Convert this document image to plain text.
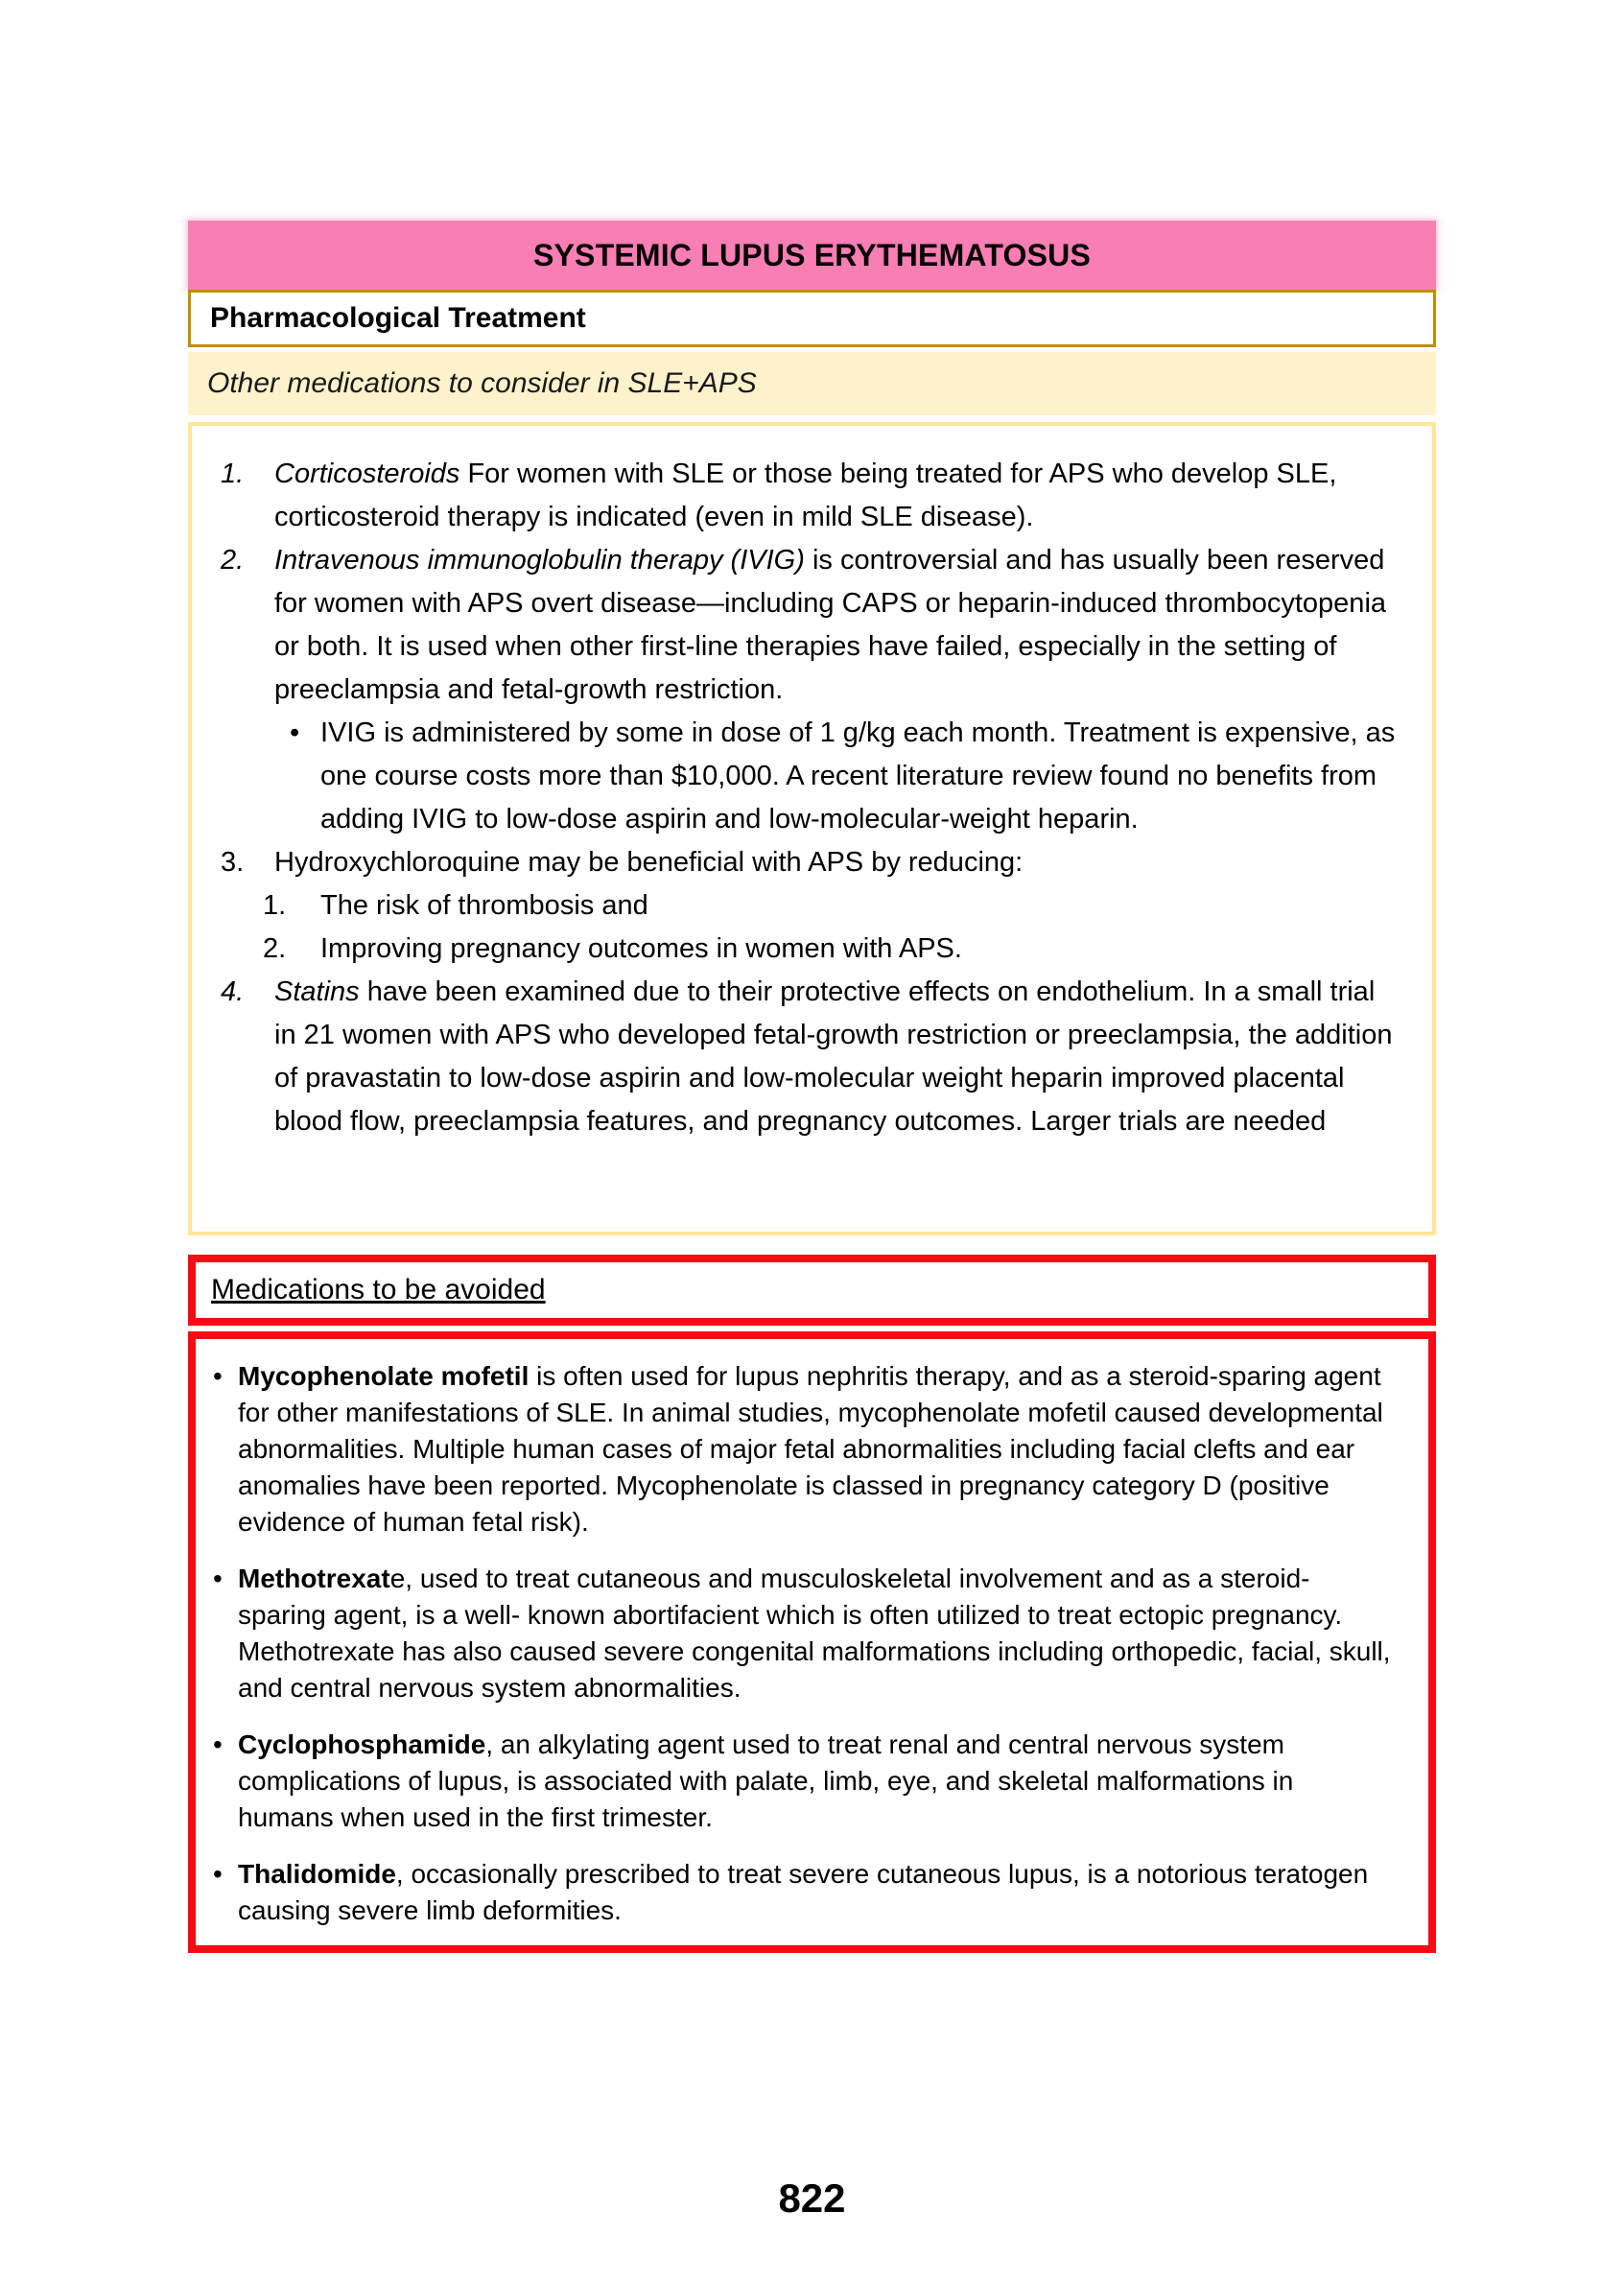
SYSTEMIC LUPUS ERYTHEMATOSUS
Pharmacological Treatment
Other medications to consider in SLE+APS
1.	Corticosteroids For women with SLE or those being treated for APS who develop SLE, corticosteroid therapy is indicated (even in mild SLE disease).
2.	Intravenous immunoglobulin therapy (IVIG) is controversial and has usually been reserved for women with APS overt disease—including CAPS or heparin-induced thrombocytopenia or both. It is used when other first-line therapies have failed, especially in the setting of preeclampsia and fetal-growth restriction.
• IVIG is administered by some in dose of 1 g/kg each month. Treatment is expensive, as one course costs more than $10,000. A recent literature review found no benefits from adding IVIG to low-dose aspirin and low-molecular-weight heparin.
3.	Hydroxychloroquine may be beneficial with APS by reducing:
1.	The risk of thrombosis and
2.	Improving pregnancy outcomes in women with APS.
4.	Statins have been examined due to their protective effects on endothelium. In a small trial in 21 women with APS who developed fetal-growth restriction or preeclampsia, the addition of pravastatin to low-dose aspirin and low-molecular weight heparin improved placental blood flow, preeclampsia features, and pregnancy outcomes. Larger trials are needed
Medications to be avoided
• Mycophenolate mofetil is often used for lupus nephritis therapy, and as a steroid-sparing agent for other manifestations of SLE. In animal studies, mycophenolate mofetil caused developmental abnormalities. Multiple human cases of major fetal abnormalities including facial clefts and ear anomalies have been reported. Mycophenolate is classed in pregnancy category D (positive evidence of human fetal risk).
• Methotrexate, used to treat cutaneous and musculoskeletal involvement and as a steroid-sparing agent, is a well- known abortifacient which is often utilized to treat ectopic pregnancy. Methotrexate has also caused severe congenital malformations including orthopedic, facial, skull, and central nervous system abnormalities.
• Cyclophosphamide, an alkylating agent used to treat renal and central nervous system complications of lupus, is associated with palate, limb, eye, and skeletal malformations in humans when used in the first trimester.
• Thalidomide, occasionally prescribed to treat severe cutaneous lupus, is a notorious teratogen causing severe limb deformities.
822
